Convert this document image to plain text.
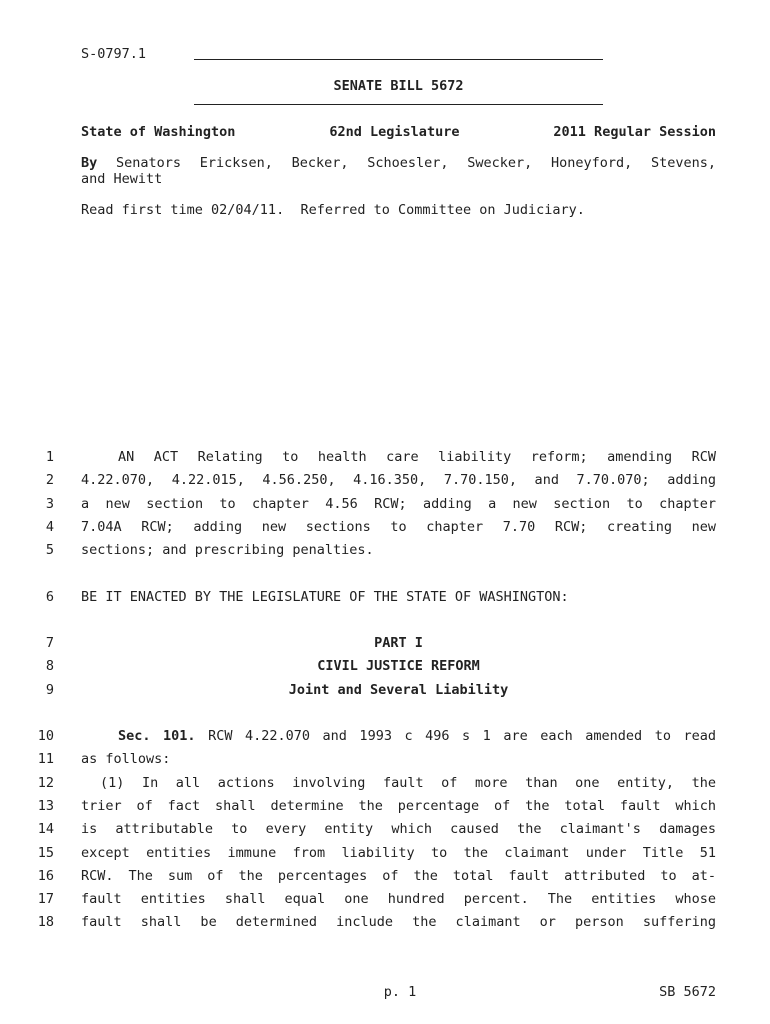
S-0797.1
SENATE BILL 5672
State of Washington	62nd Legislature	2011 Regular Session
By Senators Ericksen, Becker, Schoesler, Swecker, Honeyford, Stevens,
and Hewitt
Read first time 02/04/11.  Referred to Committee on Judiciary.
1
2
3
4
5
6
7
8
9
10
11
12
13
14
15
16
17
18
AN ACT Relating to health care liability reform; amending RCW
4.22.070, 4.22.015, 4.56.250, 4.16.350, 7.70.150, and 7.70.070; adding
a new section to chapter 4.56 RCW; adding a new section to chapter
7.04A RCW; adding new sections to chapter 7.70 RCW; creating new
sections; and prescribing penalties.
BE IT ENACTED BY THE LEGISLATURE OF THE STATE OF WASHINGTON:
PART I
CIVIL JUSTICE REFORM
Joint and Several Liability
Sec. 101. RCW 4.22.070 and 1993 c 496 s 1 are each amended to read
as follows:
(1) In all actions involving fault of more than one entity, the
trier of fact shall determine the percentage of the total fault which
is attributable to every entity which caused the claimant's damages
except entities immune from liability to the claimant under Title 51
RCW. The sum of the percentages of the total fault attributed to at-
fault entities shall equal one hundred percent. The entities whose
fault shall be determined include the claimant or person suffering
p. 1	SB 5672
